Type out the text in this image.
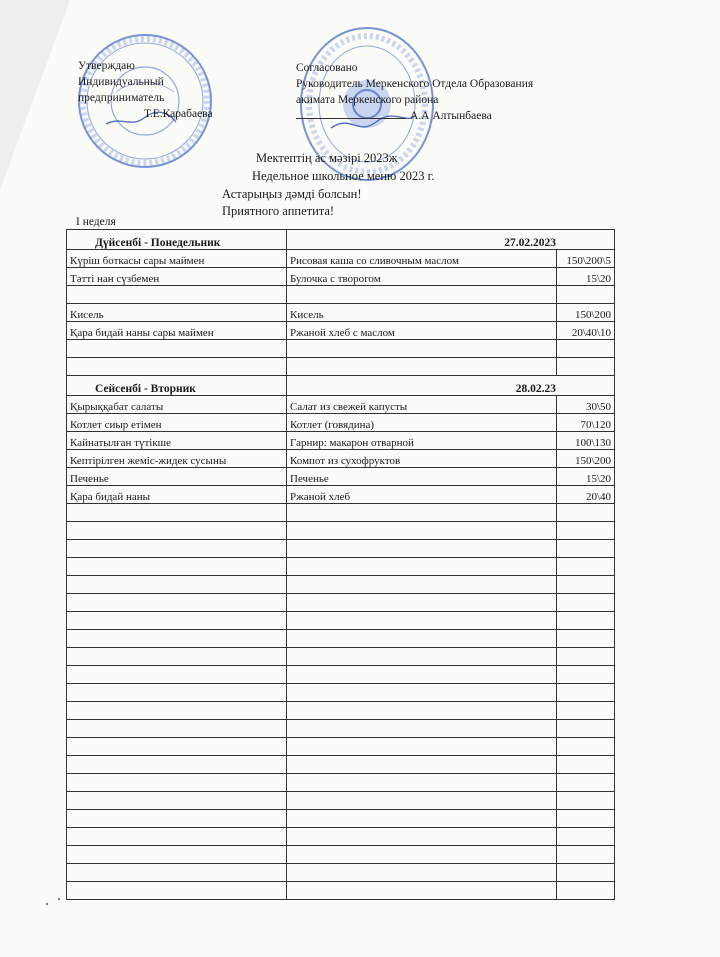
Утверждаю
Индивидуальный
предприниматель
Т.Е.Карабаева
Согласовано
Руководитель Меркенского Отдела Образования
акимата Меркенского района
А.А Алтынбаева
Мектептің ас мәзірі 2023ж
Недельное школьное меню 2023 г.
Астарыңыз дәмді болсын!
Приятного аппетита!
I неделя
Дүйсенбі - Понедельник	27.02.2023	
Күріш боткасы сары маймен	Рисовая каша со сливочным маслом	150\200\5
Тәтті нан сүзбемен	Булочка с творогом	15\20

Кисель	Кисель	150\200
Қара бидай наны сары маймен	Ржаной хлеб с маслом	20\40\10

Сейсенбі - Вторник	28.02.23	
Қырыққабат салаты	Салат из свежей капусты	30\50
Котлет сиыр етімен	Котлет (говядина)	70\120
Кайнатылған түтікше	Гарнир: макарон отварной	100\130
Кептірілген жеміс-жидек сусыны	Компот из сухофруктов	150\200
Печенье	Печенье	15\20
Қара бидай наны	Ржаной хлеб	20\40
